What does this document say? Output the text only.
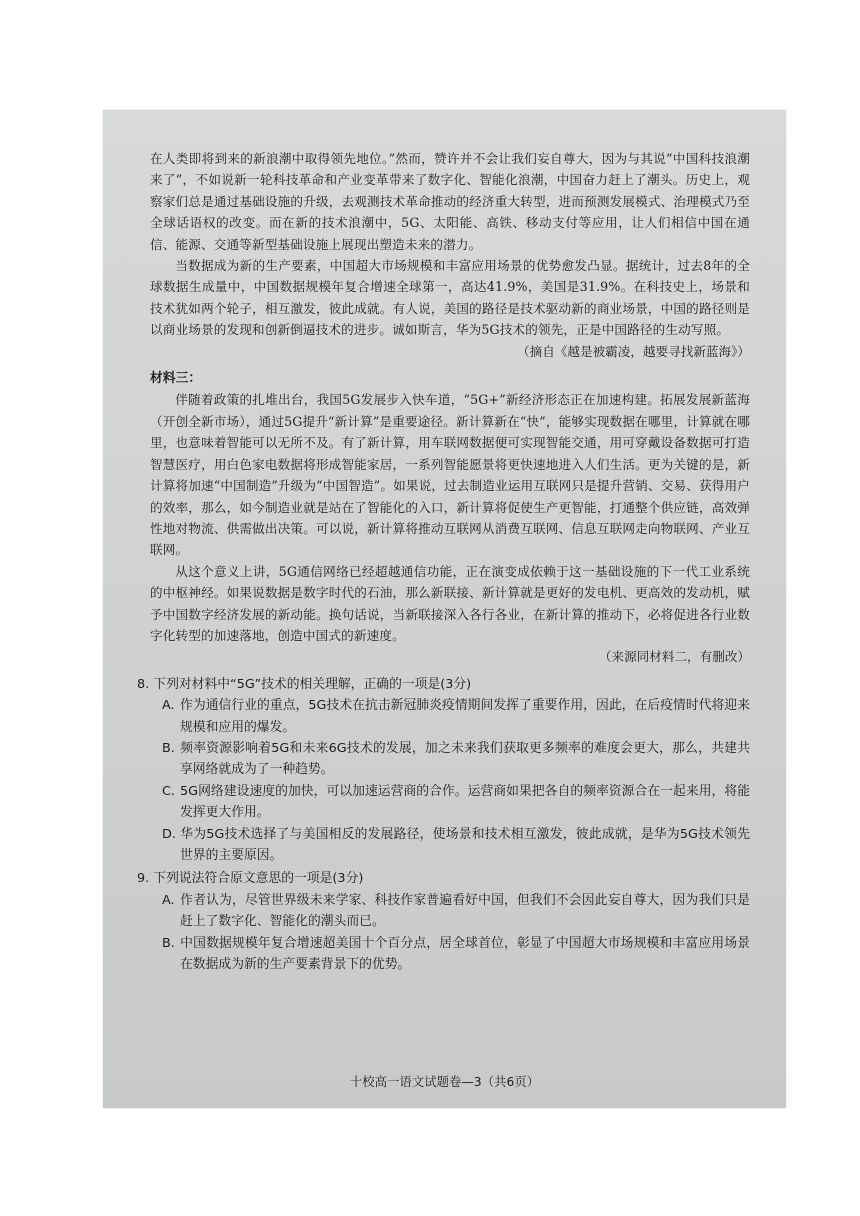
在人类即将到来的新浪潮中取得领先地位。”然而，赞许并不会让我们妄自尊大，因为与其说“中国科技浪潮来了”，不如说新一轮科技革命和产业变革带来了数字化、智能化浪潮，中国奋力赶上了潮头。历史上，观察家们总是通过基础设施的升级，去观测技术革命推动的经济重大转型，进而预测发展模式、治理模式乃至全球话语权的改变。而在新的技术浪潮中，5G、太阳能、高铁、移动支付等应用，让人们相信中国在通信、能源、交通等新型基础设施上展现出塑造未来的潜力。

当数据成为新的生产要素，中国超大市场规模和丰富应用场景的优势愈发凸显。据统计，过去8年的全球数据生成量中，中国数据规模年复合增速全球第一，高达41.9%，美国是31.9%。在科技史上，场景和技术犹如两个轮子，相互激发，彼此成就。有人说，美国的路径是技术驱动新的商业场景，中国的路径则是以商业场景的发现和创新倒逼技术的进步。诚如斯言，华为5G技术的领先，正是中国路径的生动写照。

（摘自《越是被霸凌，越要寻找新蓝海》）

材料三：

伴随着政策的扎堆出台，我国5G发展步入快车道，“5G+”新经济形态正在加速构建。拓展发展新蓝海（开创全新市场），通过5G提升“新计算”是重要途径。新计算新在“快”，能够实现数据在哪里，计算就在哪里，也意味着智能可以无所不及。有了新计算，用车联网数据便可实现智能交通，用可穿戴设备数据可打造智慧医疗，用白色家电数据将形成智能家居，一系列智能愿景将更快速地进入人们生活。更为关键的是，新计算将加速“中国制造”升级为“中国智造”。如果说，过去制造业运用互联网只是提升营销、交易、获得用户的效率，那么，如今制造业就是站在了智能化的入口，新计算将促使生产更智能，打通整个供应链，高效弹性地对物流、供需做出决策。可以说，新计算将推动互联网从消费互联网、信息互联网走向物联网、产业互联网。

从这个意义上讲，5G通信网络已经超越通信功能，正在演变成依赖于这一基础设施的下一代工业系统的中枢神经。如果说数据是数字时代的石油，那么新联接、新计算就是更好的发电机、更高效的发动机，赋予中国数字经济发展的新动能。换句话说，当新联接深入各行各业，在新计算的推动下，必将促进各行业数字化转型的加速落地，创造中国式的新速度。

（来源同材料二，有删改）

8. 下列对材料中“5G”技术的相关理解，正确的一项是(3分)

A. 作为通信行业的重点，5G技术在抗击新冠肺炎疫情期间发挥了重要作用，因此，在后疫情时代将迎来规模和应用的爆发。

B. 频率资源影响着5G和未来6G技术的发展，加之未来我们获取更多频率的难度会更大，那么，共建共享网络就成为了一种趋势。

C. 5G网络建设速度的加快，可以加速运营商的合作。运营商如果把各自的频率资源合在一起来用，将能发挥更大作用。

D. 华为5G技术选择了与美国相反的发展路径，使场景和技术相互激发，彼此成就，是华为5G技术领先世界的主要原因。

9. 下列说法符合原文意思的一项是(3分)

A. 作者认为，尽管世界级未来学家、科技作家普遍看好中国，但我们不会因此妄自尊大，因为我们只是赶上了数字化、智能化的潮头而已。

B. 中国数据规模年复合增速超美国十个百分点，居全球首位，彰显了中国超大市场规模和丰富应用场景在数据成为新的生产要素背景下的优势。

十校高一语文试题卷—3（共6页）
